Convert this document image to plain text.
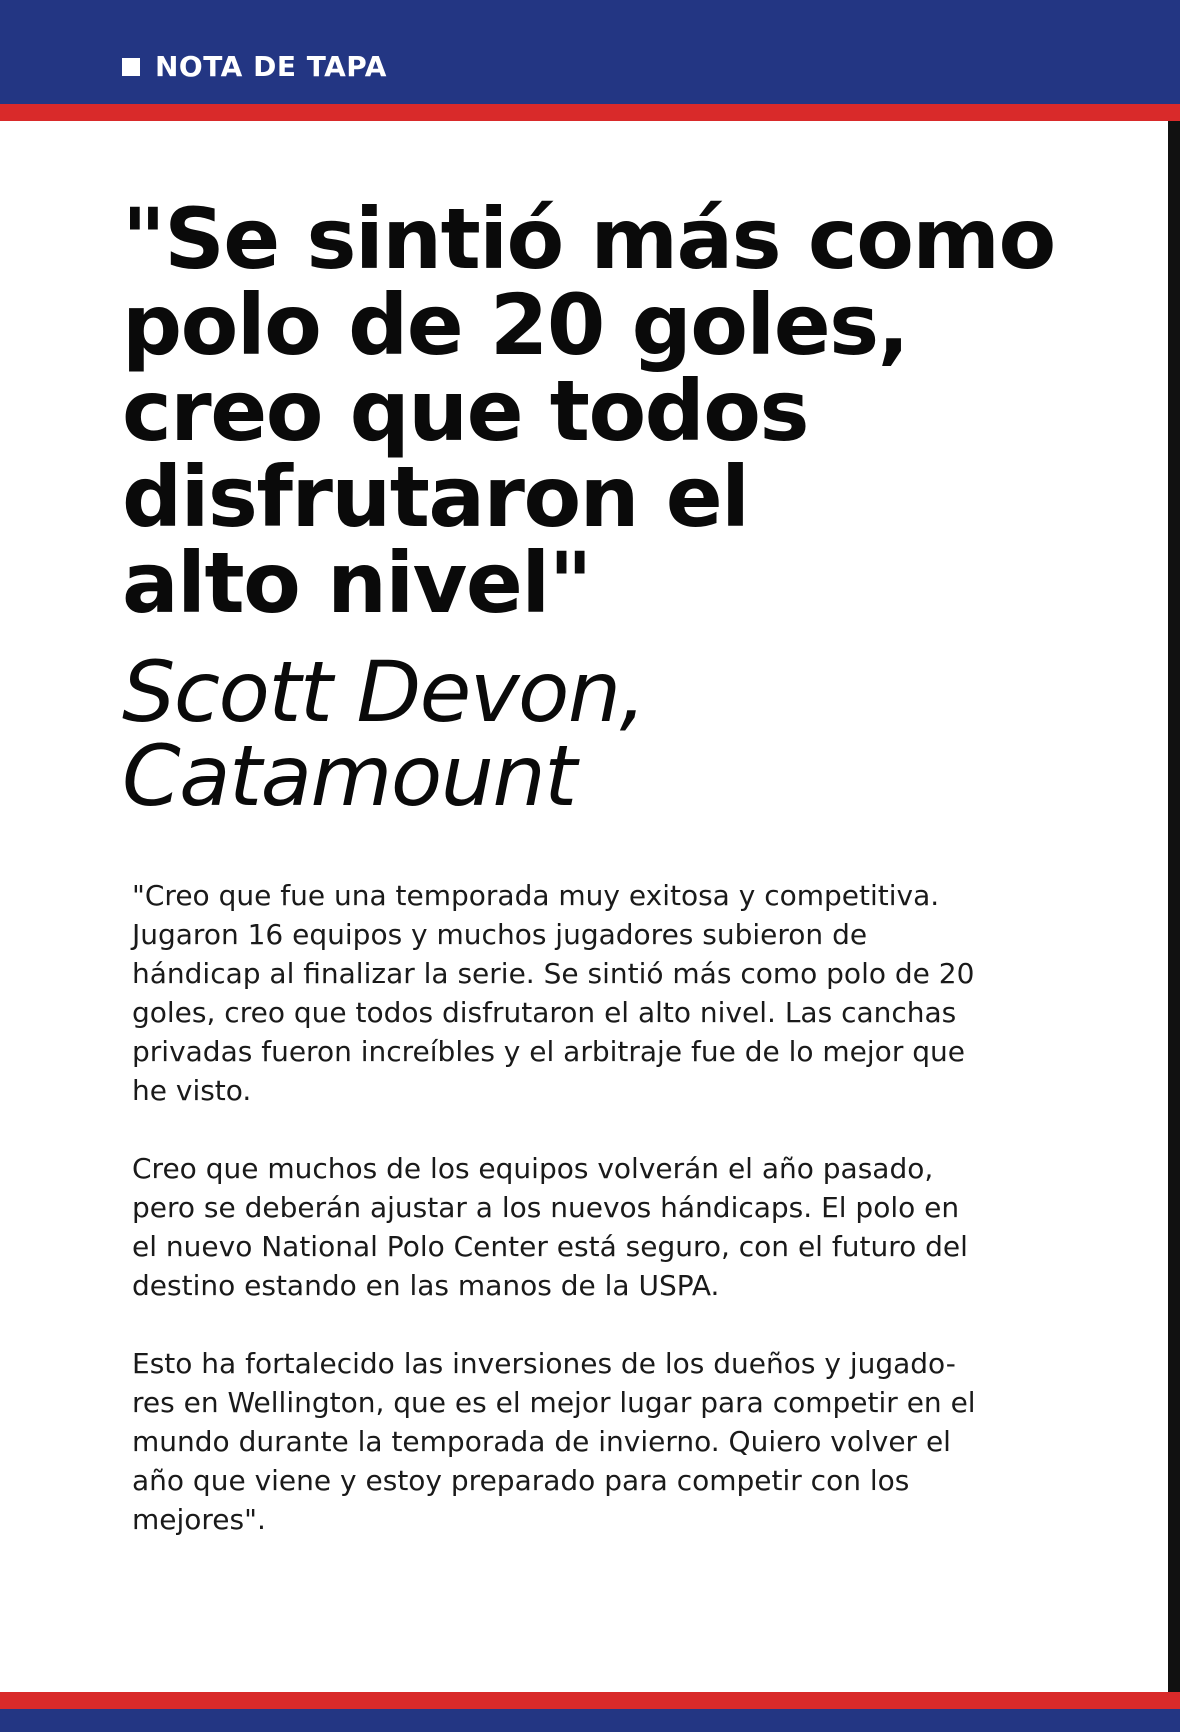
NOTA DE TAPA
"Se sintió más como
polo de 20 goles,
creo que todos
disfrutaron el
alto nivel"
Scott Devon,
Catamount

"Creo que fue una temporada muy exitosa y competitiva.
Jugaron 16 equipos y muchos jugadores subieron de
hándicap al finalizar la serie. Se sintió más como polo de 20
goles, creo que todos disfrutaron el alto nivel. Las canchas
privadas fueron increíbles y el arbitraje fue de lo mejor que
he visto.

Creo que muchos de los equipos volverán el año pasado,
pero se deberán ajustar a los nuevos hándicaps. El polo en
el nuevo National Polo Center está seguro, con el futuro del
destino estando en las manos de la USPA.

Esto ha fortalecido las inversiones de los dueños y jugado-
res en Wellington, que es el mejor lugar para competir en el
mundo durante la temporada de invierno. Quiero volver el
año que viene y estoy preparado para competir con los
mejores".
